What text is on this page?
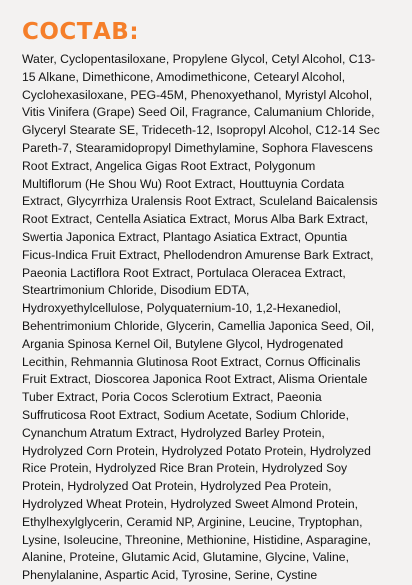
СОСТАВ:
Water, Cyclopentasiloxane, Propylene Glycol, Cetyl Alcohol, C13-
15 Alkane, Dimethicone, Amodimethicone, Cetearyl Alcohol,
Cyclohexasiloxane, PEG-45M, Phenoxyethanol, Myristyl Alcohol,
Vitis Vinifera (Grape) Seed Oil, Fragrance, Calumanium Chloride,
Glyceryl Stearate SE, Trideceth-12, Isopropyl Alcohol, C12-14 Sec
Pareth-7, Stearamidopropyl Dimethylamine, Sophora Flavescens
Root Extract, Angelica Gigas Root Extract, Polygonum
Multiflorum (He Shou Wu) Root Extract, Houttuynia Cordata
Extract, Glycyrrhiza Uralensis Root Extract, Sculeland Baicalensis
Root Extract, Centella Asiatica Extract, Morus Alba Bark Extract,
Swertia Japonica Extract, Plantago Asiatica Extract, Opuntia
Ficus-Indica Fruit Extract, Phellodendron Amurense Bark Extract,
Paeonia Lactiflora Root Extract, Portulaca Oleracea Extract,
Steartrimonium Chloride, Disodium EDTA,
Hydroxyethylcellulose, Polyquaternium-10, 1,2-Hexanediol,
Behentrimonium Chloride, Glycerin, Camellia Japonica Seed, Oil,
Argania Spinosa Kernel Oil, Butylene Glycol, Hydrogenated
Lecithin, Rehmannia Glutinosa Root Extract, Cornus Officinalis
Fruit Extract, Dioscorea Japonica Root Extract, Alisma Orientale
Tuber Extract, Poria Cocos Sclerotium Extract, Paeonia
Suffruticosa Root Extract, Sodium Acetate, Sodium Chloride,
Cynanchum Atratum Extract, Hydrolyzed Barley Protein,
Hydrolyzed Corn Protein, Hydrolyzed Potato Protein, Hydrolyzed
Rice Protein, Hydrolyzed Rice Bran Protein, Hydrolyzed Soy
Protein, Hydrolyzed Oat Protein, Hydrolyzed Pea Protein,
Hydrolyzed Wheat Protein, Hydrolyzed Sweet Almond Protein,
Ethylhexylglycerin, Ceramid NP, Arginine, Leucine, Tryptophan,
Lysine, Isoleucine, Threonine, Methionine, Histidine, Asparagine,
Alanine, Proteine, Glutamic Acid, Glutamine, Glycine, Valine,
Phenylalanine, Aspartic Acid, Tyrosine, Serine, Cystine
